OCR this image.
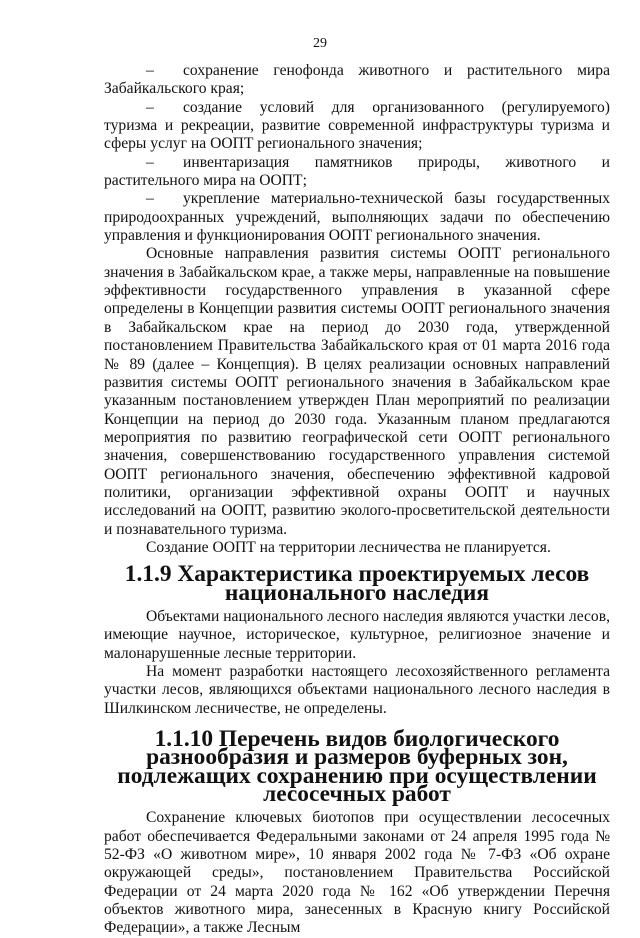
29

– сохранение генофонда животного и растительного мира Забайкальского края;

– создание условий для организованного (регулируемого) туризма и рекреации, развитие современной инфраструктуры туризма и сферы услуг на ООПТ регионального значения;

– инвентаризация памятников природы, животного и растительного мира на ООПТ;

– укрепление материально-технической базы государственных природоохранных учреждений, выполняющих задачи по обеспечению управления и функционирования ООПТ регионального значения.

Основные направления развития системы ООПТ регионального значения в Забайкальском крае, а также меры, направленные на повышение эффективности государственного управления в указанной сфере определены в Концепции развития системы ООПТ регионального значения в Забайкальском крае на период до 2030 года, утвержденной постановлением Правительства Забайкальского края от 01 марта 2016 года № 89 (далее – Концепция). В целях реализации основных направлений развития системы ООПТ регионального значения в Забайкальском крае указанным постановлением утвержден План мероприятий по реализации Концепции на период до 2030 года. Указанным планом предлагаются мероприятия по развитию географической сети ООПТ регионального значения, совершенствованию государственного управления системой ООПТ регионального значения, обеспечению эффективной кадровой политики, организации эффективной охраны ООПТ и научных исследований на ООПТ, развитию эколого-просветительской деятельности и познавательного туризма.

Создание ООПТ на территории лесничества не планируется.

1.1.9 Характеристика проектируемых лесов национального наследия

Объектами национального лесного наследия являются участки лесов, имеющие научное, историческое, культурное, религиозное значение и малонарушенные лесные территории.

На момент разработки настоящего лесохозяйственного регламента участки лесов, являющихся объектами национального лесного наследия в Шилкинском лесничестве, не определены.

1.1.10 Перечень видов биологического разнообразия и размеров буферных зон, подлежащих сохранению при осуществлении лесосечных работ

Сохранение ключевых биотопов при осуществлении лесосечных работ обеспечивается Федеральными законами от 24 апреля 1995 года № 52-ФЗ «О животном мире», 10 января 2002 года № 7-ФЗ «Об охране окружающей среды», постановлением Правительства Российской Федерации от 24 марта 2020 года № 162 «Об утверждении Перечня объектов животного мира, занесенных в Красную книгу Российской Федерации», а также Лесным
